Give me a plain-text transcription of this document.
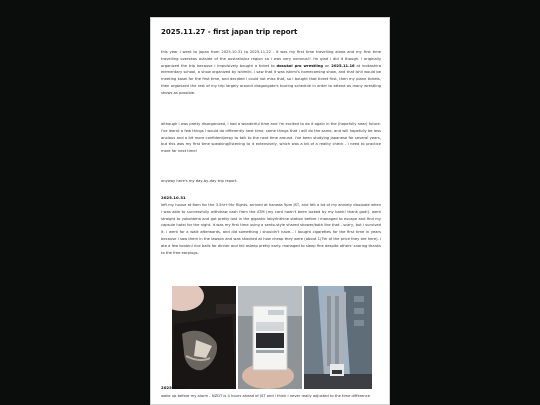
2025.11.27 - first japan trip report

this year i went to japan from 2025.10.31 to 2025.11.22 - it was my first time travelling alone and my first time travelling overseas outside of the australia/nz region so i was very nervous!! i'm glad i did it though. i originally organized the trip because i impulsively bought a ticket to dosukoi pro wrestling on 2025.11.16 at inokashira elementary school, a show organized by ishimiki. i saw that it was ishimi's homecoming show, and that ishii would be meeting kasei for the first time, and decided i could not miss that, so i bought that ticket first, then my plane tickets, then organized the rest of my trip largely around dragongate's touring schedule in order to attend as many wrestling shows as possible.

although i was pretty disorganized, i had a wonderful time and i'm excited to do it again in the (hopefully near) future. i've learnt a few things i would do differently next time, some things that i will do the same, and will hopefully be less anxious and a bit more confident/eepy to talk to the next time around. i've been studying japanese for several years, but this was my first time speaking/listening to it extensively, which was a bit of a reality check - i need to practice more for next time!

anyway here's my day-by-day trip report.

2025.10.31

left my house at 6am for the 3.5hr+9hr flights. arrived at haneda 5pm JST, and felt a lot of my anxiety dissipate when i was able to successfully withdraw cash from the ATM (my card hadn't been locked by my bank! thank god!). went straight to yokohama and got pretty lost in the gigantic labyrinthine station before i managed to escape and find my capsule hotel for the night. it was my first time using a sento-style shared shower/bath like that - scary, but i survived it. i went for a walk afterwards, and did something i shouldn't have... i bought cigarettes for the first time in years because i saw them in the lawson and was shocked at how cheap they were (about 1/7th of the price they are here). i ate a few konbini rice balls for dinner and fell asleep pretty early. managed to sleep fine despite others' snoring thanks to the free earplugs.

2025.11.01

woke up before my alarm - NZDT is 4 hours ahead of JST and i think i never really adjusted to the time difference
